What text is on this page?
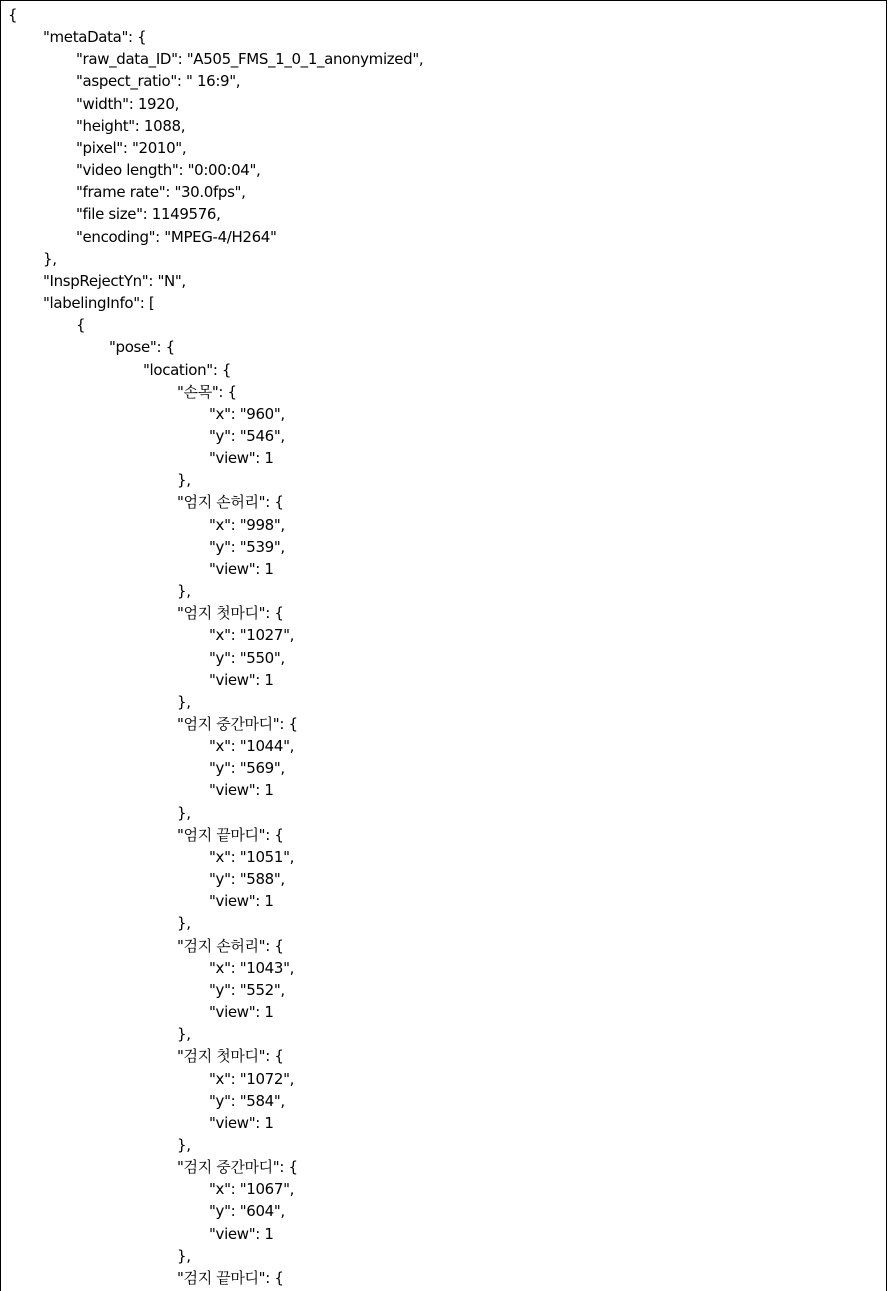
{
"metaData": {
"raw_data_ID": "A505_FMS_1_0_1_anonymized",
"aspect_ratio": " 16:9",
"width": 1920,
"height": 1088,
"pixel": "2010",
"video length": "0:00:04",
"frame rate": "30.0fps",
"file size": 1149576,
"encoding": "MPEG-4/H264"
},
"InspRejectYn": "N",
"labelingInfo": [
{
"pose": {
"location": {
"손목": {
"x": "960",
"y": "546",
"view": 1
},
"엄지 손허리": {
"x": "998",
"y": "539",
"view": 1
},
"엄지 첫마디": {
"x": "1027",
"y": "550",
"view": 1
},
"엄지 중간마디": {
"x": "1044",
"y": "569",
"view": 1
},
"엄지 끝마디": {
"x": "1051",
"y": "588",
"view": 1
},
"검지 손허리": {
"x": "1043",
"y": "552",
"view": 1
},
"검지 첫마디": {
"x": "1072",
"y": "584",
"view": 1
},
"검지 중간마디": {
"x": "1067",
"y": "604",
"view": 1
},
"검지 끝마디": {
